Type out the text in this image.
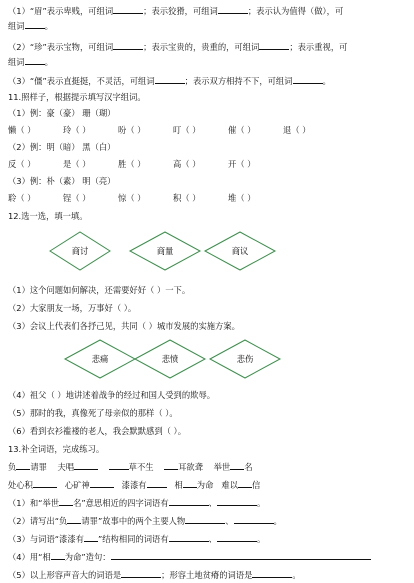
（1）“眉”表示卑贱，可组词	；表示狡猾，可组词	；表示认为值得（做），可
组词 。
（2）“珍”表示宝物，可组词	；表示宝贵的，贵重的，可组词	；表示重视，可
组词 。
（3）“僵”表示直挺挺，不灵活，可组词	；表示双方相持不下，可组词	。
11.照样子，根据提示填写汉字组词。
（1）例：豪（豪） 珊（瑚）
懒（ ）	玲（ ）	吩（ ）	叮（ ）	催（ ）	退（ ）
（2）例：明（暗） 黑（白）
反（ ）	是（ ）	胜（ ）	高（ ）	开（ ）
（3）例：朴（素） 明（亮）
聆（ ）	锃（ ）	惊（ ）	积（ ）	堆（ ）
12.选一选，填一填。
商讨	商量	商议
（1）这个问题如何解决，还需要好好（ ）一下。
（2）大家朋友一场，万事好（ ）。
（3）会议上代表们各抒己见，共同（ ）城市发展的实施方案。
悲痛	悲愤	悲伤
（4）祖父（ ）地讲述着战争的经过和国人受到的欺辱。
（5）那时的我，真像死了母亲似的那样（ ）。
（6）看到衣衫褴褛的老人，我会默默感到（ ）。
13.补全词语，完成练习。
负 请罪 夫唱	草不生	耳欲聋 举世 名
处心积	心矿神	漆漆有	相 为命 难以 信
（1）和“举世 名”意思相近的四字词语有	、	。
（2）请写出“负 请罪”故事中的两个主要人物	、	。
（3）与词语“漆漆有 ”结构相同的词语有	、	。
（4）用“相 为命”造句：
（5）以上形容声音大的词语是	；形容土地贫瘠的词语是	。
